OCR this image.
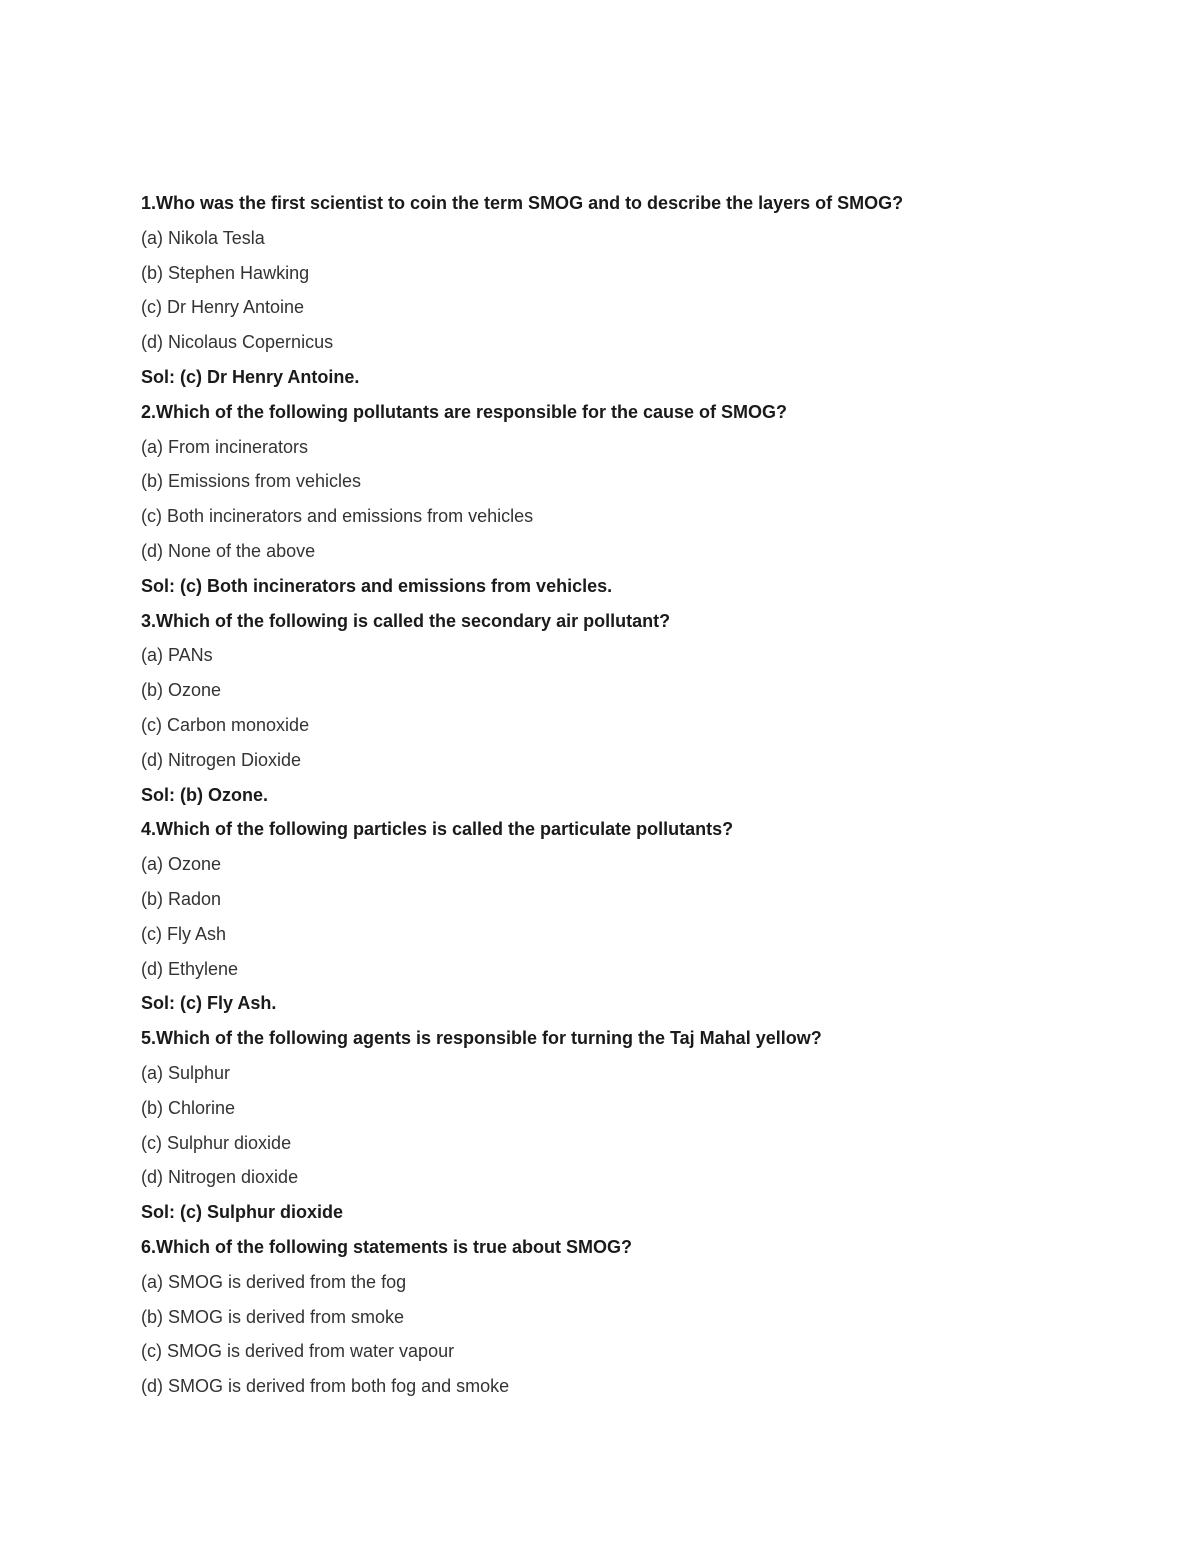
1.Who was the first scientist to coin the term SMOG and to describe the layers of SMOG?
(a) Nikola Tesla
(b) Stephen Hawking
(c) Dr Henry Antoine
(d) Nicolaus Copernicus
Sol: (c) Dr Henry Antoine.
2.Which of the following pollutants are responsible for the cause of SMOG?
(a) From incinerators
(b) Emissions from vehicles
(c) Both incinerators and emissions from vehicles
(d) None of the above
Sol: (c) Both incinerators and emissions from vehicles.
3.Which of the following is called the secondary air pollutant?
(a) PANs
(b) Ozone
(c) Carbon monoxide
(d) Nitrogen Dioxide
Sol: (b) Ozone.
4.Which of the following particles is called the particulate pollutants?
(a) Ozone
(b) Radon
(c) Fly Ash
(d) Ethylene
Sol: (c) Fly Ash.
5.Which of the following agents is responsible for turning the Taj Mahal yellow?
(a) Sulphur
(b) Chlorine
(c) Sulphur dioxide
(d) Nitrogen dioxide
Sol: (c) Sulphur dioxide
6.Which of the following statements is true about SMOG?
(a) SMOG is derived from the fog
(b) SMOG is derived from smoke
(c) SMOG is derived from water vapour
(d) SMOG is derived from both fog and smoke
